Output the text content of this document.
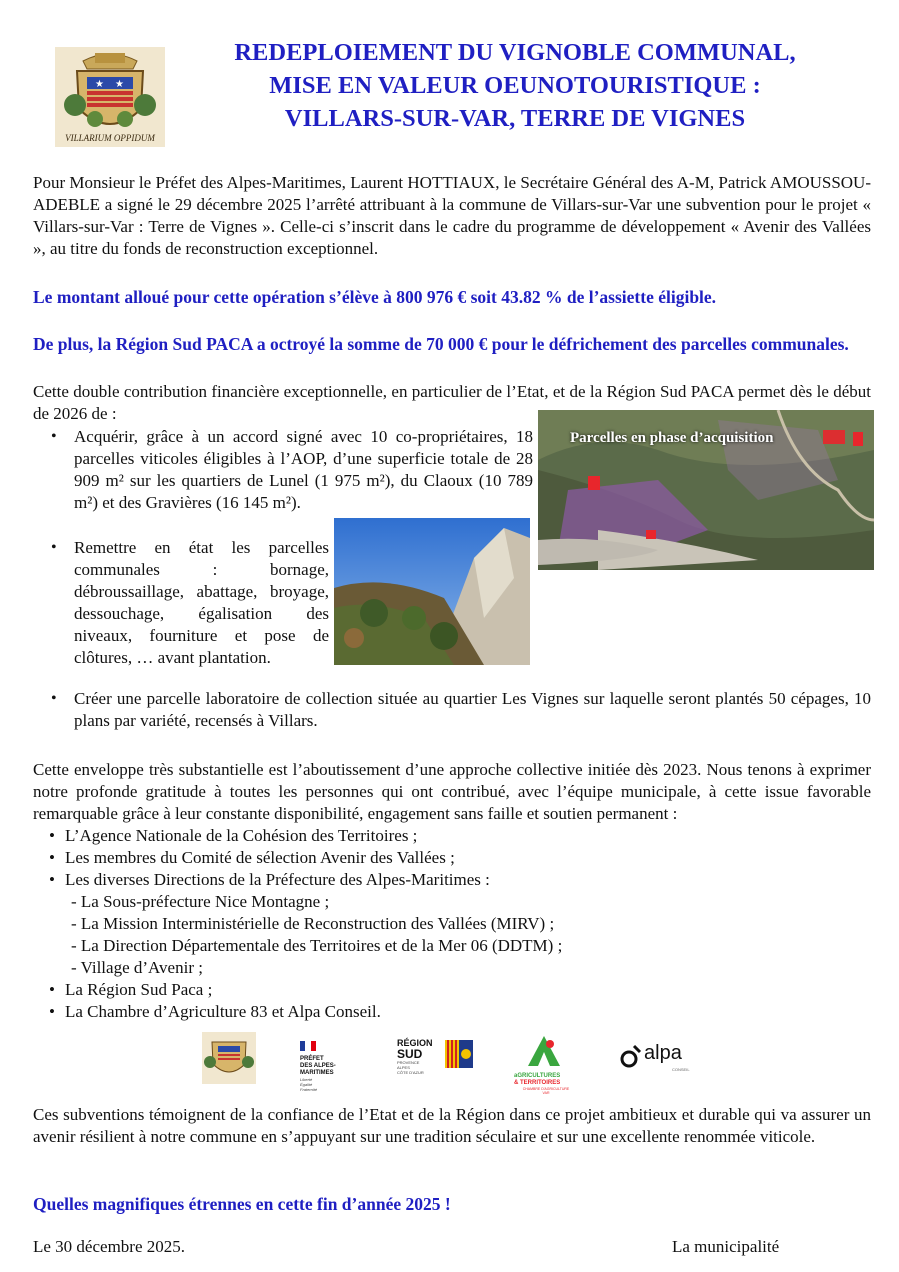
★ ★
VILLARIUM OPPIDUM
REDEPLOIEMENT DU VIGNOBLE COMMUNAL,
MISE EN VALEUR OEUNOTOURISTIQUE :
VILLARS-SUR-VAR, TERRE DE VIGNES

Pour Monsieur le Préfet des Alpes-Maritimes, Laurent HOTTIAUX, le Secrétaire Général des A-M, Patrick AMOUSSOU-ADEBLE a signé le 29 décembre 2025 l’arrêté attribuant à la commune de Villars-sur-Var une subvention pour le projet « Villars-sur-Var : Terre de Vignes ». Celle-ci s’inscrit dans le cadre du programme de développement « Avenir des Vallées », au titre du fonds de reconstruction exceptionnel.

Le montant alloué pour cette opération s’élève à 800 976 € soit 43.82 % de l’assiette éligible.

De plus, la Région Sud PACA a octroyé la somme de 70 000 € pour le défrichement des parcelles communales.

Cette double contribution financière exceptionnelle, en particulier de l’Etat, et de la Région Sud PACA permet dès le début de 2026 de :

• Acquérir, grâce à un accord signé avec 10 co-propriétaires, 18 parcelles viticoles éligibles à l’AOP, d’une superficie totale de 28 909 m² sur les quartiers de Lunel (1 975 m²), du Claoux (10 789 m²) et des Gravières (16 145 m²).
Parcelles en phase d’acquisition
• Remettre en état les parcelles communales : bornage, débroussaillage, abattage, broyage, dessouchage, égalisation des niveaux, fourniture et pose de clôtures, … avant plantation.
• Créer une parcelle laboratoire de collection située au quartier Les Vignes sur laquelle seront plantés 50 cépages, 10 plans par variété, recensés à Villars.

Cette enveloppe très substantielle est l’aboutissement d’une approche collective initiée dès 2023. Nous tenons à exprimer notre profonde gratitude à toutes les personnes qui ont contribué, avec l’équipe municipale, à cette issue favorable remarquable grâce à leur constante disponibilité, engagement sans faille et soutien permanent :

• L’Agence Nationale de la Cohésion des Territoires ;
• Les membres du Comité de sélection Avenir des Vallées ;
• Les diverses Directions de la Préfecture des Alpes-Maritimes :
- La Sous-préfecture Nice Montagne ;
- La Mission Interministérielle de Reconstruction des Vallées (MIRV) ;
- La Direction Départementale des Territoires et de la Mer 06 (DDTM) ;
- Village d’Avenir ;
• La Région Sud Paca ;
• La Chambre d’Agriculture 83 et Alpa Conseil.
PRÉFET
DES ALPES-
MARITIMES
Liberté
Égalité
Fraternité
RÉGION
SUD
PROVENCE
ALPES
CÔTE D'AZUR
aGRICULTURES
& TERRITOIRES
CHAMBRE D'AGRICULTURE
VAR
alpa
CONSEIL

Ces subventions témoignent de la confiance de l’Etat et de la Région dans ce projet ambitieux et durable qui va assurer un avenir résilient à notre commune en s’appuyant sur une tradition séculaire et sur une excellente renommée viticole.

Quelles magnifiques étrennes en cette fin d’année 2025 !

Le 30 décembre 2025.	La municipalité
